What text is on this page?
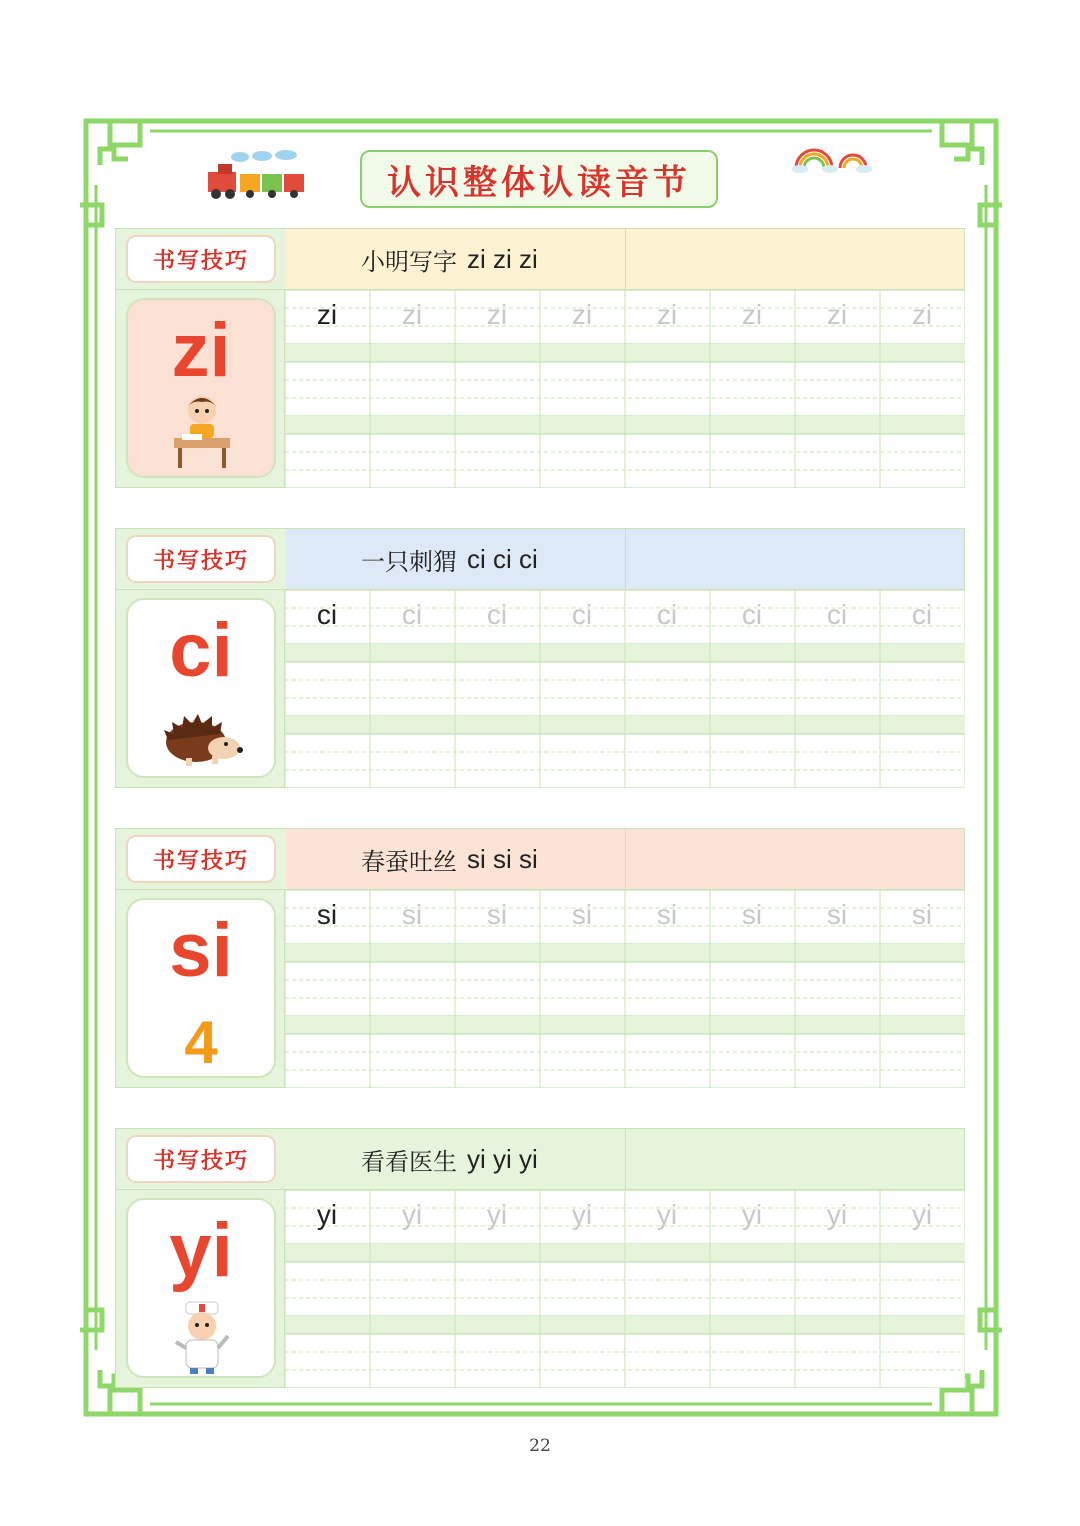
认识整体认读音节
书写技巧	小明写字 zi zi zi
zi	zi zi zi zi zi zi zi zi
书写技巧	一只刺猬 ci ci ci
ci	ci ci ci ci ci ci ci ci
书写技巧	春蚕吐丝 si si si
si
4
si si si si si si si si
书写技巧	看看医生 yi yi yi
yi	yi yi yi yi yi yi yi yi
22
